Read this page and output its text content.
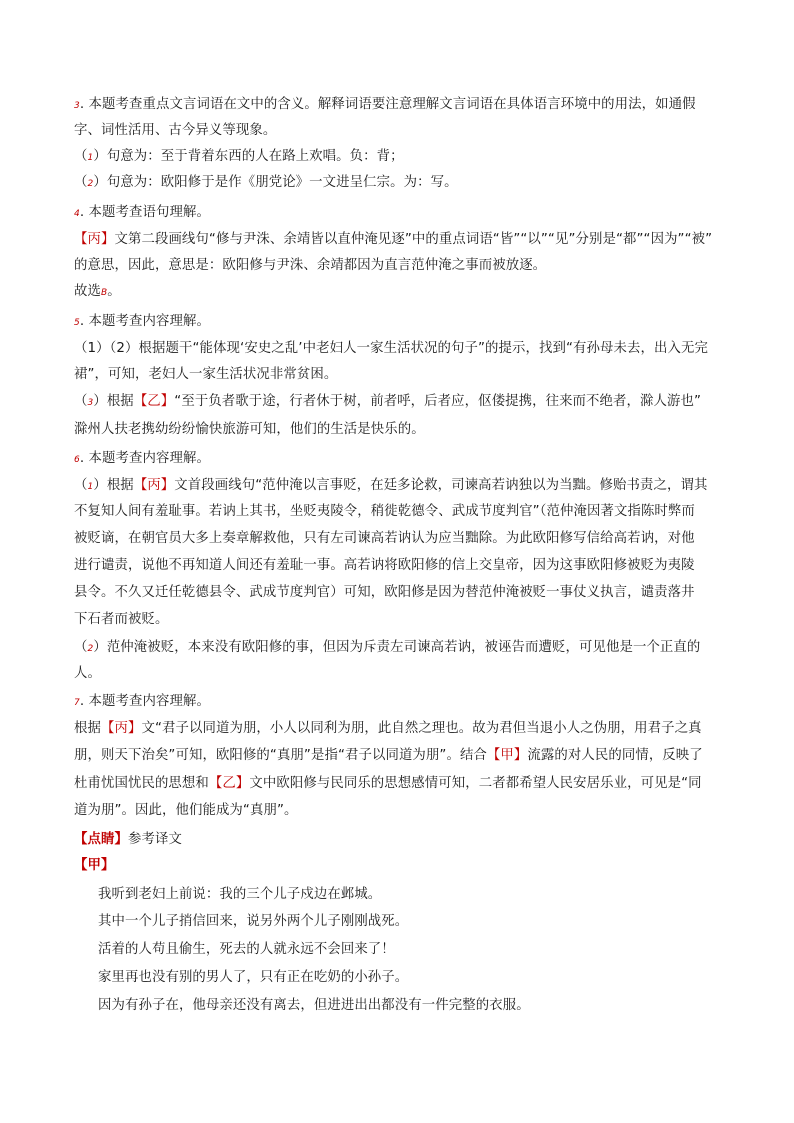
3. 本题考查重点文言词语在文中的含义。解释词语要注意理解文言词语在具体语言环境中的用法，如通假
字、词性活用、古今异义等现象。
（1）句意为：至于背着东西的人在路上欢唱。负：背；
（2）句意为：欧阳修于是作《朋党论》一文进呈仁宗。为：写。
4. 本题考查语句理解。
【丙】文第二段画线句“修与尹洙、余靖皆以直仲淹见逐”中的重点词语“皆”“以”“见”分别是“都”“因为”“被”
的意思，因此，意思是：欧阳修与尹洙、余靖都因为直言范仲淹之事而被放逐。
故选B。
5. 本题考查内容理解。
（1）（2）根据题干“能体现‘安史之乱’中老妇人一家生活状况的句子”的提示，找到“有孙母未去，出入无完
裙”，可知，老妇人一家生活状况非常贫困。
（3）根据【乙】“至于负者歌于途，行者休于树，前者呼，后者应，伛偻提携，往来而不绝者，滁人游也”
滁州人扶老携幼纷纷愉快旅游可知，他们的生活是快乐的。
6. 本题考查内容理解。
（1）根据【丙】文首段画线句“范仲淹以言事贬，在廷多论救，司谏高若讷独以为当黜。修贻书责之，谓其
不复知人间有羞耻事。若讷上其书，坐贬夷陵令，稍徙乾德令、武成节度判官”（范仲淹因著文指陈时弊而
被贬谪，在朝官员大多上奏章解救他，只有左司谏高若讷认为应当黜除。为此欧阳修写信给高若讷，对他
进行谴责，说他不再知道人间还有羞耻一事。高若讷将欧阳修的信上交皇帝，因为这事欧阳修被贬为夷陵
县令。不久又迁任乾德县令、武成节度判官）可知，欧阳修是因为替范仲淹被贬一事仗义执言，谴责落井
下石者而被贬。
（2）范仲淹被贬，本来没有欧阳修的事，但因为斥责左司谏高若讷，被诬告而遭贬，可见他是一个正直的
人。
7. 本题考查内容理解。
根据【丙】文“君子以同道为朋，小人以同利为朋，此自然之理也。故为君但当退小人之伪朋，用君子之真
朋，则天下治矣”可知，欧阳修的“真朋”是指“君子以同道为朋”。结合【甲】流露的对人民的同情，反映了
杜甫忧国忧民的思想和【乙】文中欧阳修与民同乐的思想感情可知，二者都希望人民安居乐业，可见是“同
道为朋”。因此，他们能成为“真朋”。
【点睛】参考译文
【甲】
我听到老妇上前说：我的三个儿子戍边在邺城。
其中一个儿子捎信回来，说另外两个儿子刚刚战死。
活着的人苟且偷生，死去的人就永远不会回来了！
家里再也没有别的男人了，只有正在吃奶的小孙子。
因为有孙子在，他母亲还没有离去，但进进出出都没有一件完整的衣服。
